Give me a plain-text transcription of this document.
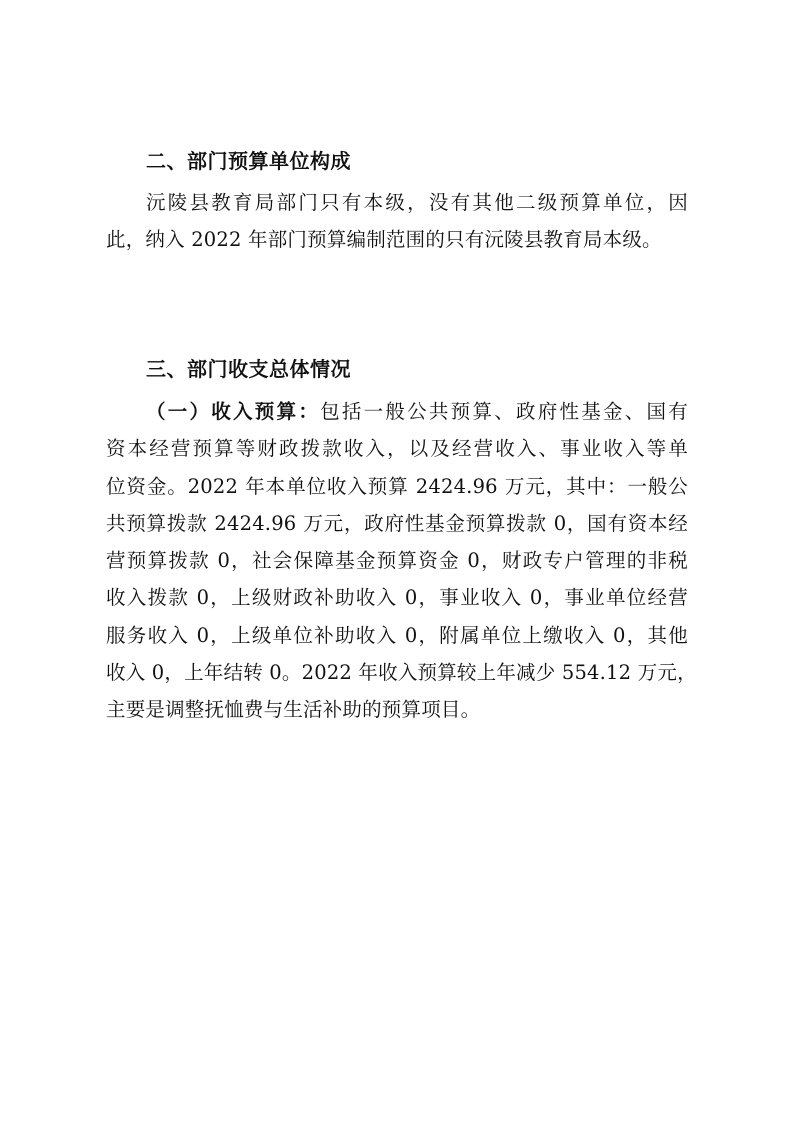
二、部门预算单位构成
沅陵县教育局部门只有本级，没有其他二级预算单位，因
此，纳入 2022 年部门预算编制范围的只有沅陵县教育局本级。
三、部门收支总体情况
（一）收入预算：包括一般公共预算、政府性基金、国有
资本经营预算等财政拨款收入，以及经营收入、事业收入等单
位资金。2022 年本单位收入预算 2424.96 万元，其中：一般公
共预算拨款 2424.96 万元，政府性基金预算拨款 0，国有资本经
营预算拨款 0，社会保障基金预算资金 0，财政专户管理的非税
收入拨款 0，上级财政补助收入 0，事业收入 0，事业单位经营
服务收入 0，上级单位补助收入 0，附属单位上缴收入 0，其他
收入 0，上年结转 0。2022 年收入预算较上年减少 554.12 万元，
主要是调整抚恤费与生活补助的预算项目。
